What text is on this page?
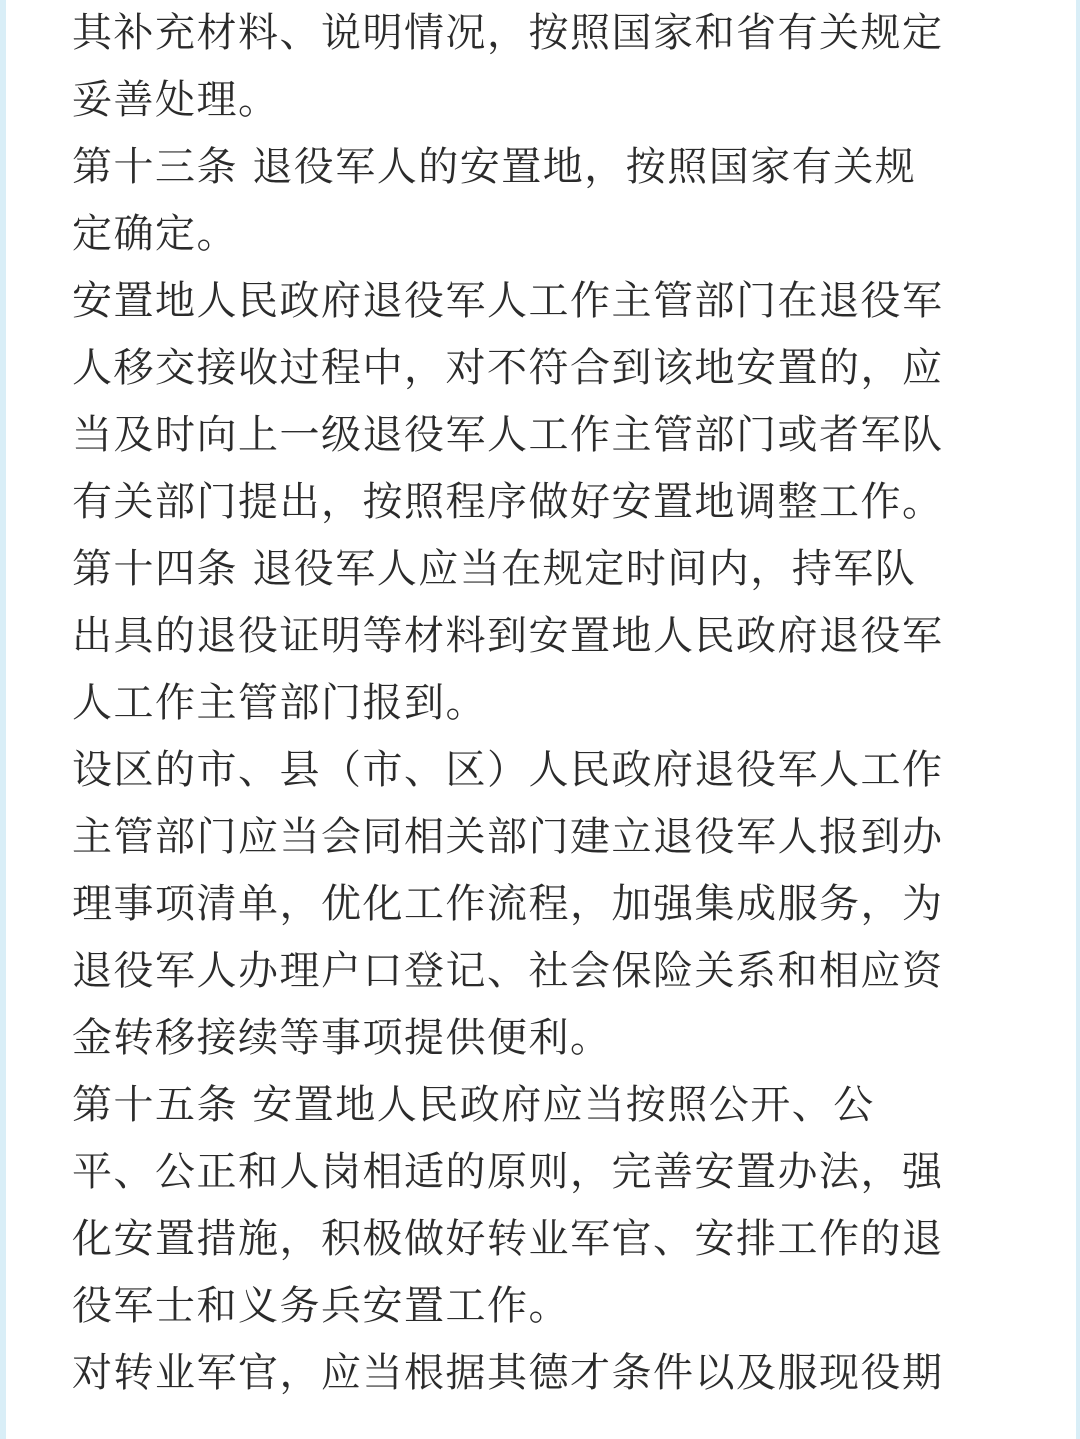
其补充材料、说明情况，按照国家和省有关规定
妥善处理。
第十三条 退役军人的安置地，按照国家有关规
定确定。
安置地人民政府退役军人工作主管部门在退役军
人移交接收过程中，对不符合到该地安置的，应
当及时向上一级退役军人工作主管部门或者军队
有关部门提出，按照程序做好安置地调整工作。
第十四条 退役军人应当在规定时间内，持军队
出具的退役证明等材料到安置地人民政府退役军
人工作主管部门报到。
设区的市、县（市、区）人民政府退役军人工作
主管部门应当会同相关部门建立退役军人报到办
理事项清单，优化工作流程，加强集成服务，为
退役军人办理户口登记、社会保险关系和相应资
金转移接续等事项提供便利。
第十五条 安置地人民政府应当按照公开、公
平、公正和人岗相适的原则，完善安置办法，强
化安置措施，积极做好转业军官、安排工作的退
役军士和义务兵安置工作。
对转业军官，应当根据其德才条件以及服现役期
